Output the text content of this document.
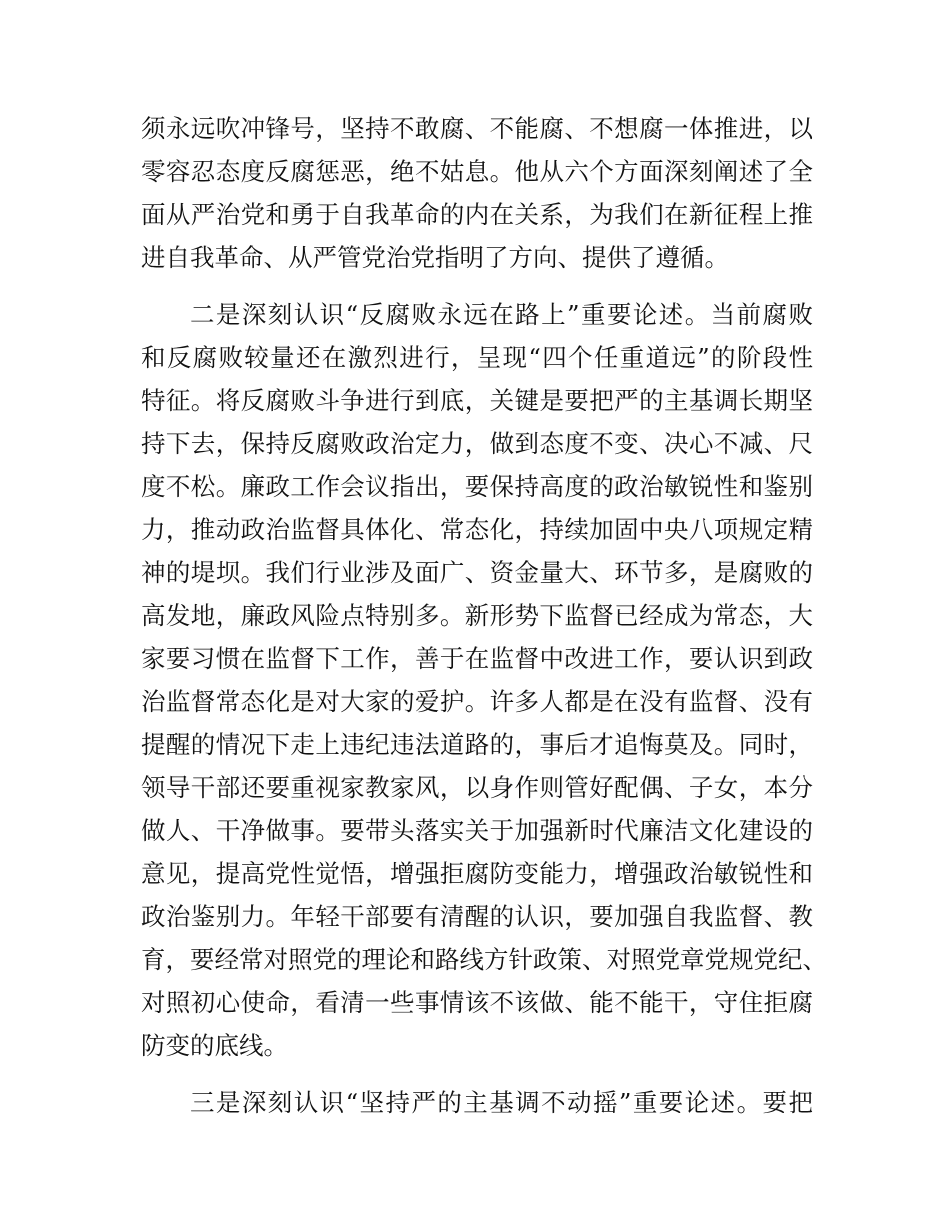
须永远吹冲锋号，坚持不敢腐、不能腐、不想腐一体推进，以
零容忍态度反腐惩恶，绝不姑息。他从六个方面深刻阐述了全
面从严治党和勇于自我革命的内在关系，为我们在新征程上推
进自我革命、从严管党治党指明了方向、提供了遵循。
二是深刻认识“反腐败永远在路上”重要论述。当前腐败
和反腐败较量还在激烈进行，呈现“四个任重道远”的阶段性
特征。将反腐败斗争进行到底，关键是要把严的主基调长期坚
持下去，保持反腐败政治定力，做到态度不变、决心不减、尺
度不松。廉政工作会议指出，要保持高度的政治敏锐性和鉴别
力，推动政治监督具体化、常态化，持续加固中央八项规定精
神的堤坝。我们行业涉及面广、资金量大、环节多，是腐败的
高发地，廉政风险点特别多。新形势下监督已经成为常态，大
家要习惯在监督下工作，善于在监督中改进工作，要认识到政
治监督常态化是对大家的爱护。许多人都是在没有监督、没有
提醒的情况下走上违纪违法道路的，事后才追悔莫及。同时，
领导干部还要重视家教家风，以身作则管好配偶、子女，本分
做人、干净做事。要带头落实关于加强新时代廉洁文化建设的
意见，提高党性觉悟，增强拒腐防变能力，增强政治敏锐性和
政治鉴别力。年轻干部要有清醒的认识，要加强自我监督、教
育，要经常对照党的理论和路线方针政策、对照党章党规党纪、
对照初心使命，看清一些事情该不该做、能不能干，守住拒腐
防变的底线。
三是深刻认识“坚持严的主基调不动摇”重要论述。要把
